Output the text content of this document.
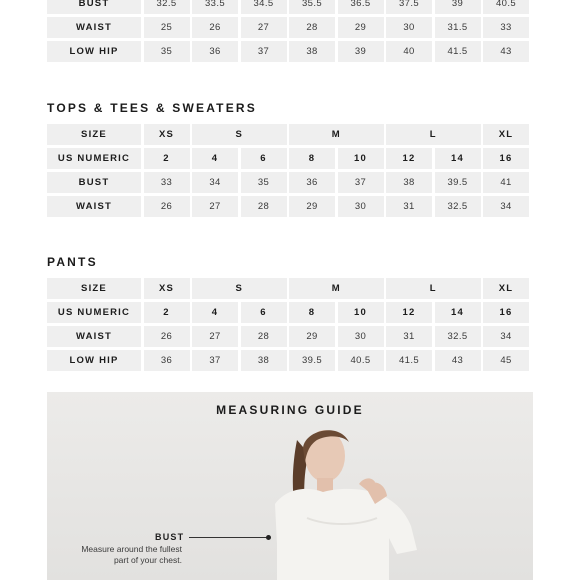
BUST	32.5	33.5	34.5	35.5	36.5	37.5	39	40.5
WAIST	25	26	27	28	29	30	31.5	33
LOW HIP	35	36	37	38	39	40	41.5	43
TOPS & TEES & SWEATERS
SIZE	XS	S	M	L	XL
US NUMERIC	2	4	6	8	10	12	14	16
BUST	33	34	35	36	37	38	39.5	41
WAIST	26	27	28	29	30	31	32.5	34
PANTS
SIZE	XS	S	M	L	XL
US NUMERIC	2	4	6	8	10	12	14	16
WAIST	26	27	28	29	30	31	32.5	34
LOW HIP	36	37	38	39.5	40.5	41.5	43	45
MEASURING GUIDE
BUST
Measure around the fullest
part of your chest.
